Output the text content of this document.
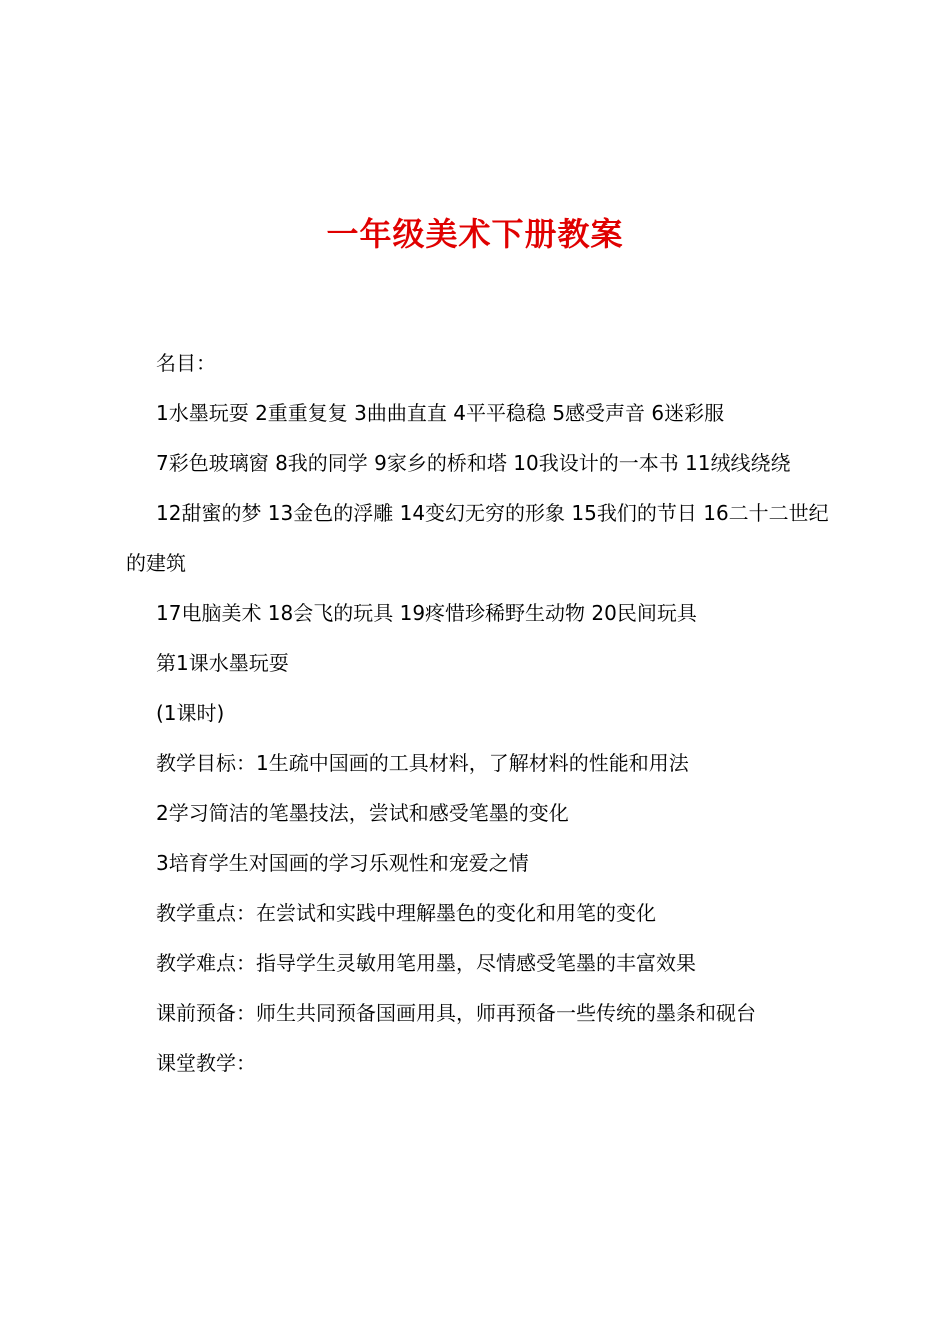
一年级美术下册教案

名目：

1水墨玩耍 2重重复复 3曲曲直直 4平平稳稳 5感受声音 6迷彩服

7彩色玻璃窗 8我的同学 9家乡的桥和塔 10我设计的一本书 11绒线绕绕

12甜蜜的梦 13金色的浮雕 14变幻无穷的形象 15我们的节日 16二十二世纪的建筑

17电脑美术 18会飞的玩具 19疼惜珍稀野生动物 20民间玩具

第1课水墨玩耍

(1课时)

教学目标：1生疏中国画的工具材料，了解材料的性能和用法

2学习简洁的笔墨技法，尝试和感受笔墨的变化

3培育学生对国画的学习乐观性和宠爱之情

教学重点：在尝试和实践中理解墨色的变化和用笔的变化

教学难点：指导学生灵敏用笔用墨，尽情感受笔墨的丰富效果

课前预备：师生共同预备国画用具，师再预备一些传统的墨条和砚台

课堂教学：
